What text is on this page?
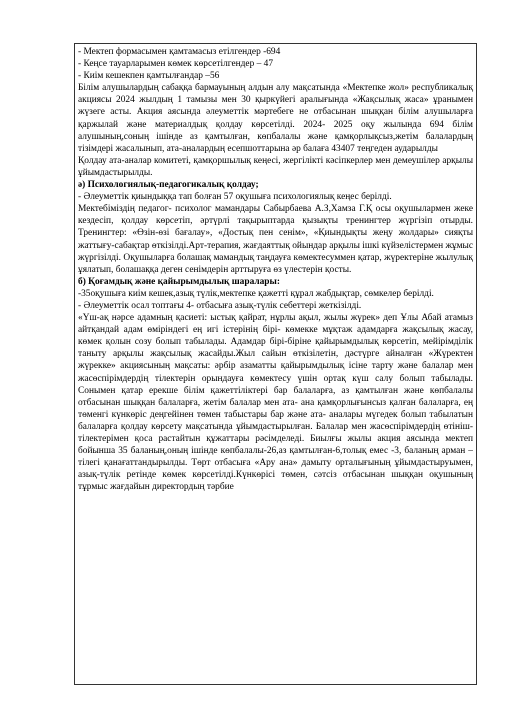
- Мектеп формасымен қамтамасыз етілгендер -694

- Кеңсе тауарларымен көмек көрсетілгендер – 47

- Киім кешекпен қамтылғандар –56

Білім алушылардың сабаққа бармауының алдын алу мақсатында «Мектепке жол» республикалық акциясы 2024 жылдың 1 тамызы мен 30 қыркүйегі аралығында «Жақсылық жаса» ұранымен жүзеге асты. Акция аясында әлеуметтік мәртебеге не отбасынан шыққан білім алушыларға қаржылай және материалдық қолдау көрсетілді. 2024- 2025 оқу жылында 694 білім алушының,соның ішінде аз қамтылған, көпбалалы және қамқорлықсыз,жетім балалардың тізімдері жасалынып, ата-аналардың есепшоттарына әр балаға 43407 теңгеден аударылды

Қолдау ата-аналар комитеті, қамқоршылық кеңесі, жергілікті кәсіпкерлер мен демеушілер арқылы ұйымдастырылды.

ә) Психологиялық-педагогикалық қолдау;

- Әлеуметтік қиындыққа тап болған 57 оқушыға психологиялық кеңес берілді.

Мектебіміздің педагог- психолог мамандары Сабырбаева А.З,Хамза Г.Қ осы оқушылармен жеке кездесіп, қолдау көрсетіп, әртүрлі тақырыптарда қызықты тренингтер жүргізіп отырды. Тренингтер: «Өзін-өзі бағалау», «Достық пен сенім», «Қиындықты жеңу жолдары» сияқты жаттығу-сабақтар өткізілді.Арт-терапия, жағдаяттық ойындар арқылы ішкі күйзелістермен жұмыс жүргізілді. Оқушыларға болашақ мамандық таңдауға көмектесуммен қатар, жүректеріне жылулық ұялатып, болашаққа деген сенімдерін арттыруға өз үлестерін қосты.

б) Қоғамдық және қайырымдылық шаралары:

-35оқушыға киім кешек,азық түлік,мектепке қажетті құрал жабдықтар, сөмкелер берілді.

- Әлеуметтік осал топтағы 4- отбасыға азық-түлік себеттері жеткізілді.

«Үш-ақ нәрсе адамның қасиеті: ыстық қайрат, нұрлы ақыл, жылы жүрек» деп Ұлы Абай атамыз айтқандай адам өміріндегі ең игі істерінің бірі- көмекке мұқтаж адамдарға жақсылық жасау, көмек қолын созу болып табылады. Адамдар бірі-біріне қайырымдылық көрсетіп, мейірімділік таныту арқылы жақсылық жасайды.Жыл сайын өткізілетін, дәстүрге айналған «Жүректен жүрекке» акциясының мақсаты: әрбір азаматты қайырымдылық ісіне тарту және балалар мен жасөспірімдердің тілектерін орындауға көмектесу үшін ортақ күш салу болып табылады. Сонымен қатар ерекше білім қажеттіліктері бар балаларға, аз қамтылған және көпбалалы отбасынан шыққан балаларға, жетім балалар мен ата- ана қамқорлығынсыз қалған балаларға, ең төменгі күнкөріс деңгейінен төмен табыстары бар және ата- аналары мүгедек болып табылатын балаларға қолдау көрсету мақсатында ұйымдастырылған. Балалар мен жасөспірімдердің өтініш- тілектерімен қоса растайтын құжаттары рәсімделеді. Биылғы жылы акция аясында мектеп бойынша 35 баланың,оның ішінде көпбалалы-26,аз қамтылған-6,толық емес -3, баланың арман –тілегі қанағаттандырылды. Төрт отбасыға «Ару ана» дамыту орталығының ұйымдастыруымен, азық-түлік ретінде көмек көрсетілді.Күнкөрісі төмен, сәтсіз отбасынан шыққан оқушының тұрмыс жағдайын директордың тәрбие
